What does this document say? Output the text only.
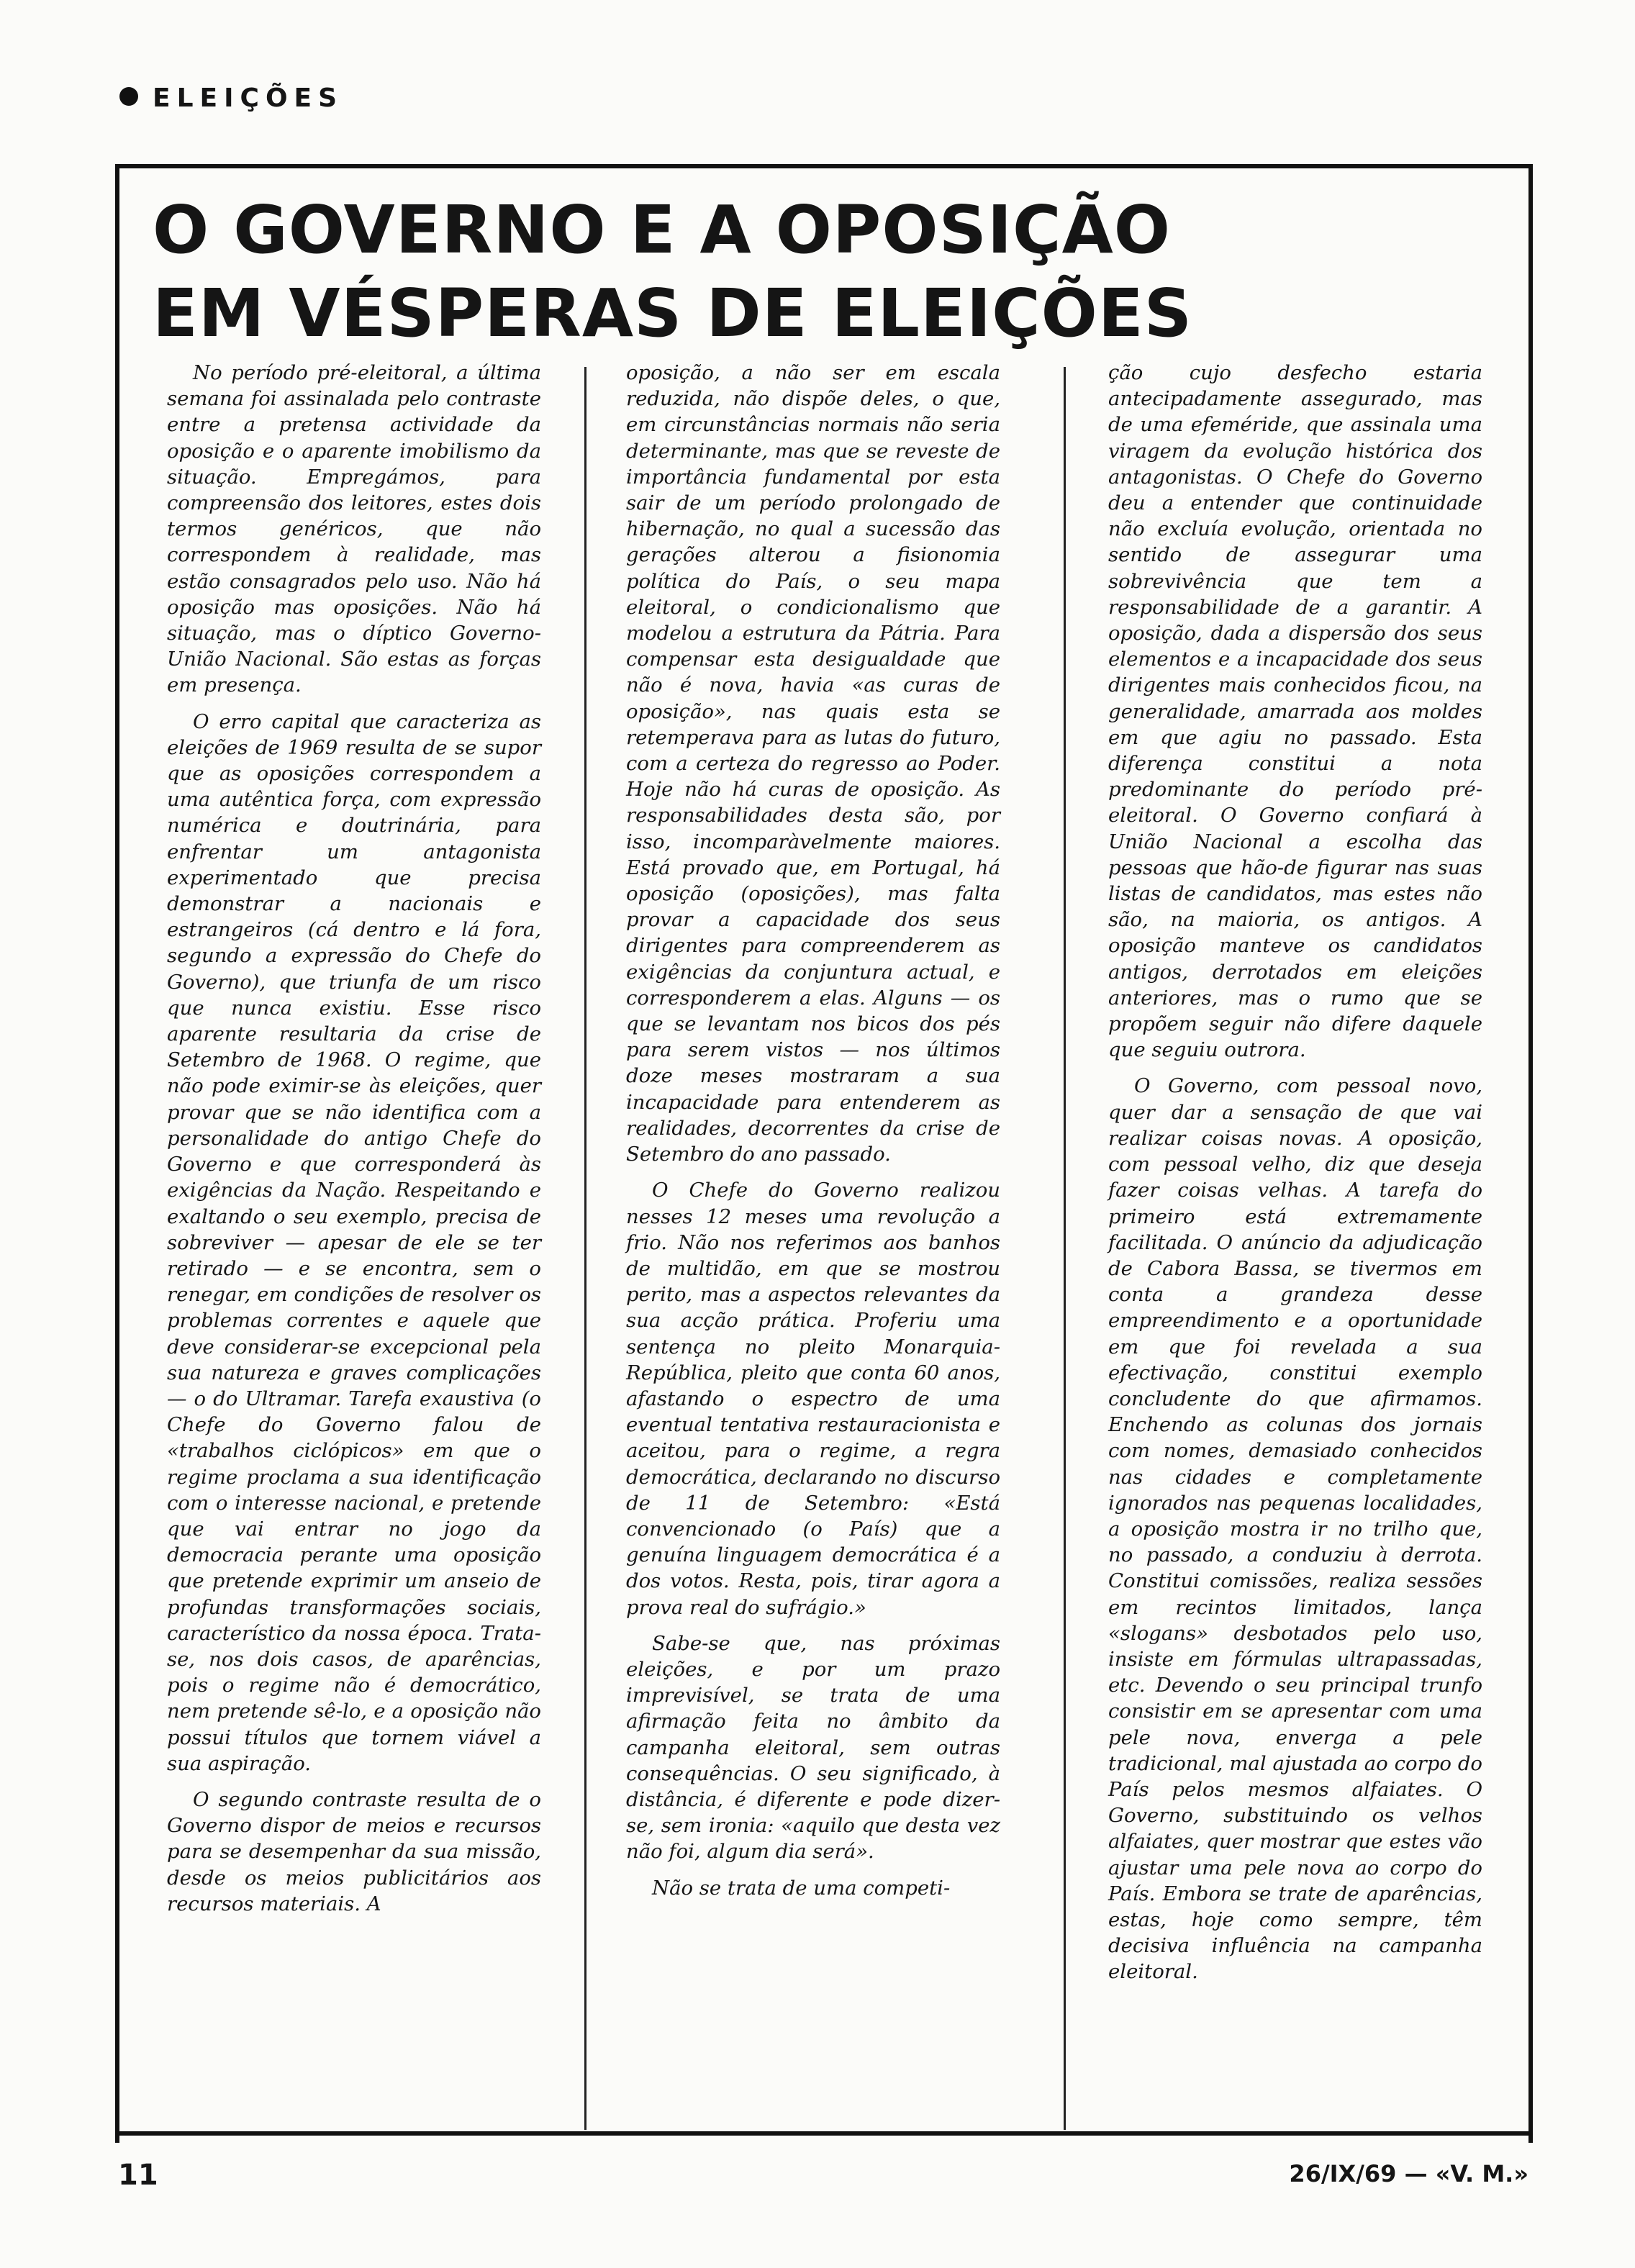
ELEIÇÕES
O GOVERNO E A OPOSIÇÃO
EM VÉSPERAS DE ELEIÇÕES

No período pré-eleitoral, a última semana foi assinalada pelo contraste entre a pretensa actividade da oposição e o aparente imobilismo da situação. Empregámos, para compreensão dos leitores, estes dois termos genéricos, que não correspondem à realidade, mas estão consagrados pelo uso. Não há oposição mas oposições. Não há situação, mas o díptico Governo-União Nacional. São estas as forças em presença.

O erro capital que caracteriza as eleições de 1969 resulta de se supor que as oposições correspondem a uma autêntica força, com expressão numérica e doutrinária, para enfrentar um antagonista experimentado que precisa demonstrar a nacionais e estrangeiros (cá dentro e lá fora, segundo a expressão do Chefe do Governo), que triunfa de um risco que nunca existiu. Esse risco aparente resultaria da crise de Setembro de 1968. O regime, que não pode eximir-se às eleições, quer provar que se não identifica com a personalidade do antigo Chefe do Governo e que corresponderá às exigências da Nação. Respeitando e exaltando o seu exemplo, precisa de sobreviver — apesar de ele se ter retirado — e se encontra, sem o renegar, em condições de resolver os problemas correntes e aquele que deve considerar-se excepcional pela sua natureza e graves complicações — o do Ultramar. Tarefa exaustiva (o Chefe do Governo falou de «trabalhos ciclópicos» em que o regime proclama a sua identificação com o interesse nacional, e pretende que vai entrar no jogo da democracia perante uma oposição que pretende exprimir um anseio de profundas transformações sociais, característico da nossa época. Trata-se, nos dois casos, de aparências, pois o regime não é democrático, nem pretende sê-lo, e a oposição não possui títulos que tornem viável a sua aspiração.

O segundo contraste resulta de o Governo dispor de meios e recursos para se desempenhar da sua missão, desde os meios publicitários aos recursos materiais. A

oposição, a não ser em escala reduzida, não dispõe deles, o que, em circunstâncias normais não seria determinante, mas que se reveste de importância fundamental por esta sair de um período prolongado de hibernação, no qual a sucessão das gerações alterou a fisionomia política do País, o seu mapa eleitoral, o condicionalismo que modelou a estrutura da Pátria. Para compensar esta desigualdade que não é nova, havia «as curas de oposição», nas quais esta se retemperava para as lutas do futuro, com a certeza do regresso ao Poder. Hoje não há curas de oposição. As responsabilidades desta são, por isso, incomparàvelmente maiores. Está provado que, em Portugal, há oposição (oposições), mas falta provar a capacidade dos seus dirigentes para compreenderem as exigências da conjuntura actual, e corresponderem a elas. Alguns — os que se levantam nos bicos dos pés para serem vistos — nos últimos doze meses mostraram a sua incapacidade para entenderem as realidades, decorrentes da crise de Setembro do ano passado.

O Chefe do Governo realizou nesses 12 meses uma revolução a frio. Não nos referimos aos banhos de multidão, em que se mostrou perito, mas a aspectos relevantes da sua acção prática. Proferiu uma sentença no pleito Monarquia-República, pleito que conta 60 anos, afastando o espectro de uma eventual tentativa restauracionista e aceitou, para o regime, a regra democrática, declarando no discurso de 11 de Setembro: «Está convencionado (o País) que a genuína linguagem democrática é a dos votos. Resta, pois, tirar agora a prova real do sufrágio.»

Sabe-se que, nas próximas eleições, e por um prazo imprevisível, se trata de uma afirmação feita no âmbito da campanha eleitoral, sem outras consequências. O seu significado, à distância, é diferente e pode dizer-se, sem ironia: «aquilo que desta vez não foi, algum dia será».

Não se trata de uma competi-

ção cujo desfecho estaria antecipadamente assegurado, mas de uma efeméride, que assinala uma viragem da evolução histórica dos antagonistas. O Chefe do Governo deu a entender que continuidade não excluía evolução, orientada no sentido de assegurar uma sobrevivência que tem a responsabilidade de a garantir. A oposição, dada a dispersão dos seus elementos e a incapacidade dos seus dirigentes mais conhecidos ficou, na generalidade, amarrada aos moldes em que agiu no passado. Esta diferença constitui a nota predominante do período pré-eleitoral. O Governo confiará à União Nacional a escolha das pessoas que hão-de figurar nas suas listas de candidatos, mas estes não são, na maioria, os antigos. A oposição manteve os candidatos antigos, derrotados em eleições anteriores, mas o rumo que se propõem seguir não difere daquele que seguiu outrora.

O Governo, com pessoal novo, quer dar a sensação de que vai realizar coisas novas. A oposição, com pessoal velho, diz que deseja fazer coisas velhas. A tarefa do primeiro está extremamente facilitada. O anúncio da adjudicação de Cabora Bassa, se tivermos em conta a grandeza desse empreendimento e a oportunidade em que foi revelada a sua efectivação, constitui exemplo concludente do que afirmamos. Enchendo as colunas dos jornais com nomes, demasiado conhecidos nas cidades e completamente ignorados nas pequenas localidades, a oposição mostra ir no trilho que, no passado, a conduziu à derrota. Constitui comissões, realiza sessões em recintos limitados, lança «slogans» desbotados pelo uso, insiste em fórmulas ultrapassadas, etc. Devendo o seu principal trunfo consistir em se apresentar com uma pele nova, enverga a pele tradicional, mal ajustada ao corpo do País pelos mesmos alfaiates. O Governo, substituindo os velhos alfaiates, quer mostrar que estes vão ajustar uma pele nova ao corpo do País. Embora se trate de aparências, estas, hoje como sempre, têm decisiva influência na campanha eleitoral.

11	26/IX/69 — «V. M.»
